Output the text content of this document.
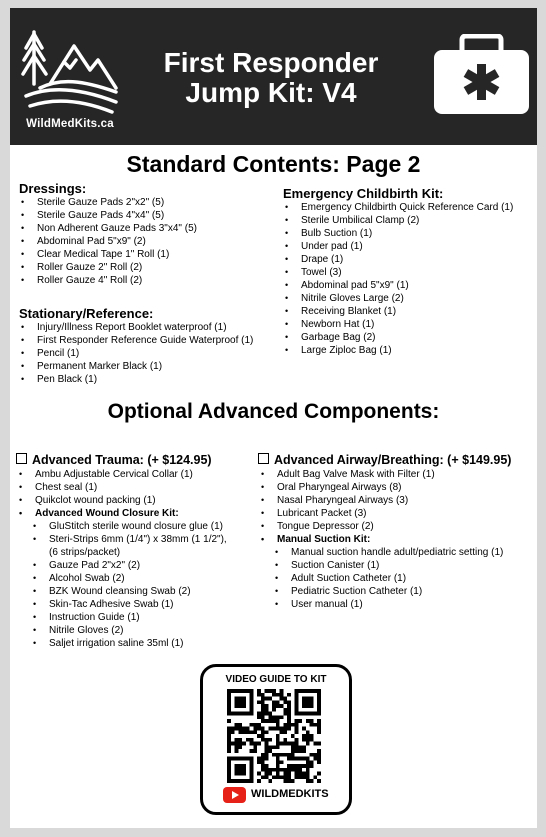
WildMedKits.ca
First Responder
Jump Kit: V4
Standard Contents: Page 2
Dressings:
• Sterile Gauze Pads 2"x2" (5)
• Sterile Gauze Pads 4"x4" (5)
• Non Adherent Gauze Pads 3"x4" (5)
• Abdominal Pad 5"x9" (2)
• Clear Medical Tape 1" Roll (1)
• Roller Gauze 2" Roll (2)
• Roller Gauze 4" Roll (2)
Stationary/Reference:
• Injury/Illness Report Booklet waterproof (1)
• First Responder Reference Guide Waterproof (1)
• Pencil (1)
• Permanent Marker Black (1)
• Pen Black (1)
Emergency Childbirth Kit:
• Emergency Childbirth Quick Reference Card (1)
• Sterile Umbilical Clamp (2)
• Bulb Suction (1)
• Under pad (1)
• Drape (1)
• Towel (3)
• Abdominal pad 5"x9" (1)
• Nitrile Gloves Large (2)
• Receiving Blanket (1)
• Newborn Hat (1)
• Garbage Bag (2)
• Large Ziploc Bag (1)
Optional Advanced Components:
Advanced Trauma: (+ $124.95)
• Ambu Adjustable Cervical Collar (1)
• Chest seal (1)
• Quikclot wound packing (1)
• Advanced Wound Closure Kit:
• GluStitch sterile wound closure glue (1)
• Steri-Strips 6mm (1/4") x 38mm (1 1/2"),
(6 strips/packet)
• Gauze Pad 2"x2" (2)
• Alcohol Swab (2)
• BZK Wound cleansing Swab (2)
• Skin-Tac Adhesive Swab (1)
• Instruction Guide (1)
• Nitrile Gloves (2)
• Saljet irrigation saline 35ml (1)
Advanced Airway/Breathing: (+ $149.95)
• Adult Bag Valve Mask with Filter (1)
• Oral Pharyngeal Airways (8)
• Nasal Pharyngeal Airways (3)
• Lubricant Packet (3)
• Tongue Depressor (2)
• Manual Suction Kit:
• Manual suction handle adult/pediatric setting (1)
• Suction Canister (1)
• Adult Suction Catheter (1)
• Pediatric Suction Catheter (1)
• User manual (1)
VIDEO GUIDE TO KIT
WILDMEDKITS
